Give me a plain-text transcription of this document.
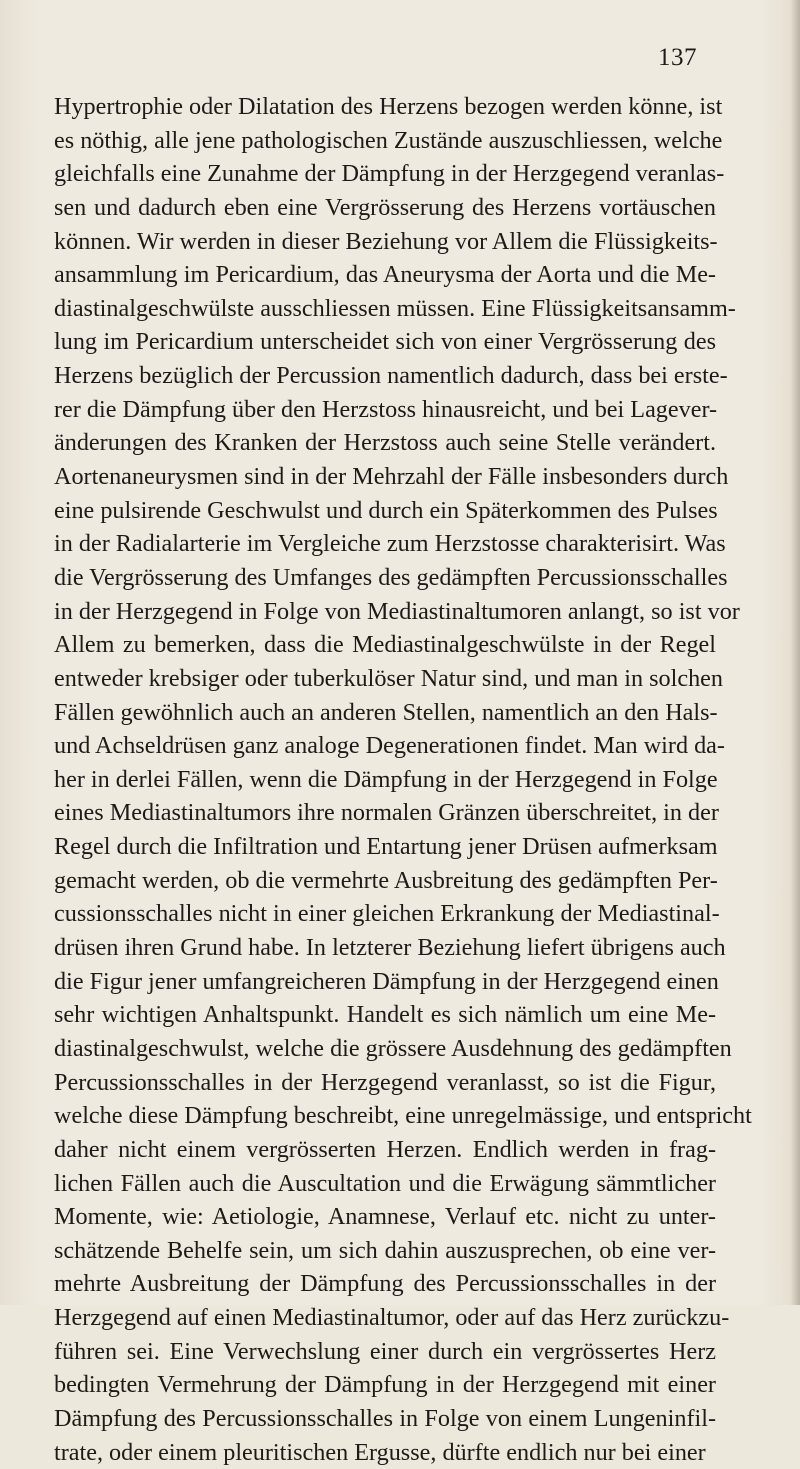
137
Hypertrophie oder Dilatation des Herzens bezogen werden könne, ist
es nöthig, alle jene pathologischen Zustände auszuschliessen, welche
gleichfalls eine Zunahme der Dämpfung in der Herzgegend veranlas-
sen und dadurch eben eine Vergrösserung des Herzens vortäuschen
können. Wir werden in dieser Beziehung vor Allem die Flüssigkeits-
ansammlung im Pericardium, das Aneurysma der Aorta und die Me-
diastinalgeschwülste ausschliessen müssen. Eine Flüssigkeitsansamm-
lung im Pericardium unterscheidet sich von einer Vergrösserung des
Herzens bezüglich der Percussion namentlich dadurch, dass bei erste-
rer die Dämpfung über den Herzstoss hinausreicht, und bei Lagever-
änderungen des Kranken der Herzstoss auch seine Stelle verändert.
Aortenaneurysmen sind in der Mehrzahl der Fälle insbesonders durch
eine pulsirende Geschwulst und durch ein Späterkommen des Pulses
in der Radialarterie im Vergleiche zum Herzstosse charakterisirt. Was
die Vergrösserung des Umfanges des gedämpften Percussionsschalles
in der Herzgegend in Folge von Mediastinaltumoren anlangt, so ist vor
Allem zu bemerken, dass die Mediastinalgeschwülste in der Regel
entweder krebsiger oder tuberkulöser Natur sind, und man in solchen
Fällen gewöhnlich auch an anderen Stellen, namentlich an den Hals-
und Achseldrüsen ganz analoge Degenerationen findet. Man wird da-
her in derlei Fällen, wenn die Dämpfung in der Herzgegend in Folge
eines Mediastinaltumors ihre normalen Gränzen überschreitet, in der
Regel durch die Infiltration und Entartung jener Drüsen aufmerksam
gemacht werden, ob die vermehrte Ausbreitung des gedämpften Per-
cussionsschalles nicht in einer gleichen Erkrankung der Mediastinal-
drüsen ihren Grund habe. In letzterer Beziehung liefert übrigens auch
die Figur jener umfangreicheren Dämpfung in der Herzgegend einen
sehr wichtigen Anhaltspunkt. Handelt es sich nämlich um eine Me-
diastinalgeschwulst, welche die grössere Ausdehnung des gedämpften
Percussionsschalles in der Herzgegend veranlasst, so ist die Figur,
welche diese Dämpfung beschreibt, eine unregelmässige, und entspricht
daher nicht einem vergrösserten Herzen. Endlich werden in frag-
lichen Fällen auch die Auscultation und die Erwägung sämmtlicher
Momente, wie: Aetiologie, Anamnese, Verlauf etc. nicht zu unter-
schätzende Behelfe sein, um sich dahin auszusprechen, ob eine ver-
mehrte Ausbreitung der Dämpfung des Percussionsschalles in der
Herzgegend auf einen Mediastinaltumor, oder auf das Herz zurückzu-
führen sei. Eine Verwechslung einer durch ein vergrössertes Herz
bedingten Vermehrung der Dämpfung in der Herzgegend mit einer
Dämpfung des Percussionsschalles in Folge von einem Lungeninfil-
trate, oder einem pleuritischen Ergusse, dürfte endlich nur bei einer
